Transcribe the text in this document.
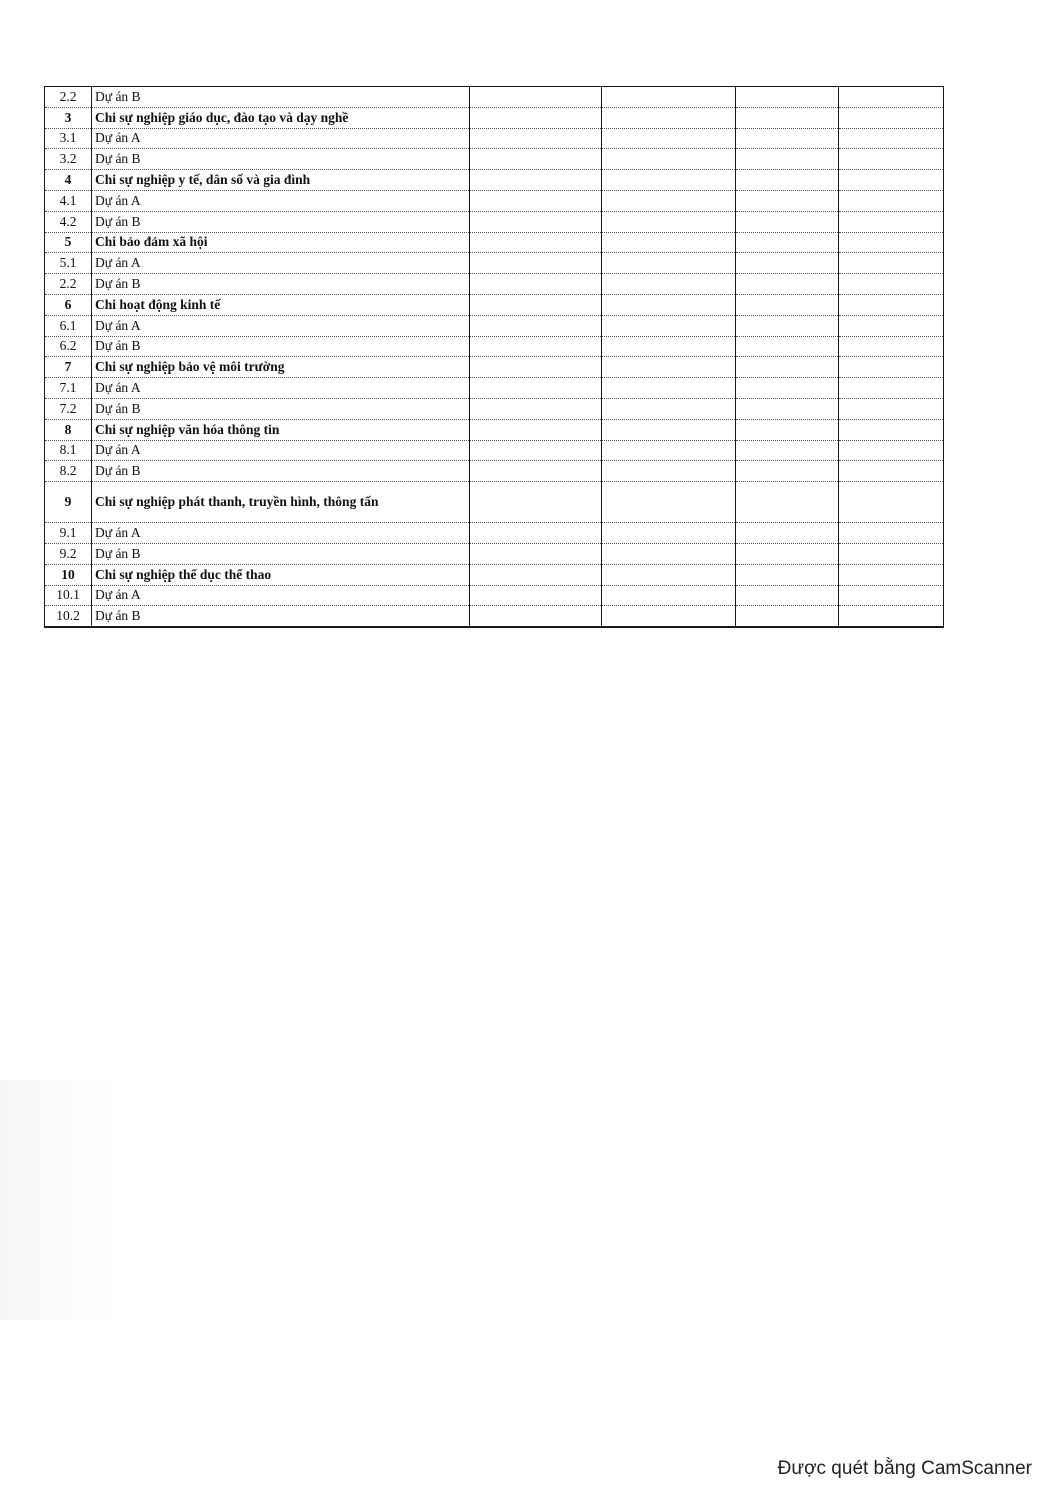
2.2	Dự án B				
3	Chi sự nghiệp giáo dục, đào tạo và dạy nghề				
3.1	Dự án A				
3.2	Dự án B				
4	Chi sự nghiệp y tế, dân số và gia đình				
4.1	Dự án A				
4.2	Dự án B				
5	Chi bảo đảm xã hội				
5.1	Dự án A				
2.2	Dự án B				
6	Chi hoạt động kinh tế				
6.1	Dự án A				
6.2	Dự án B				
7	Chi sự nghiệp bảo vệ môi trường				
7.1	Dự án A				
7.2	Dự án B				
8	Chi sự nghiệp văn hóa thông tin				
8.1	Dự án A				
8.2	Dự án B				
9	Chi sự nghiệp phát thanh, truyền hình, thông tấn				
9.1	Dự án A				
9.2	Dự án B				
10	Chi sự nghiệp thể dục thể thao				
10.1	Dự án A				
10.2	Dự án B				
Được quét bằng CamScanner
